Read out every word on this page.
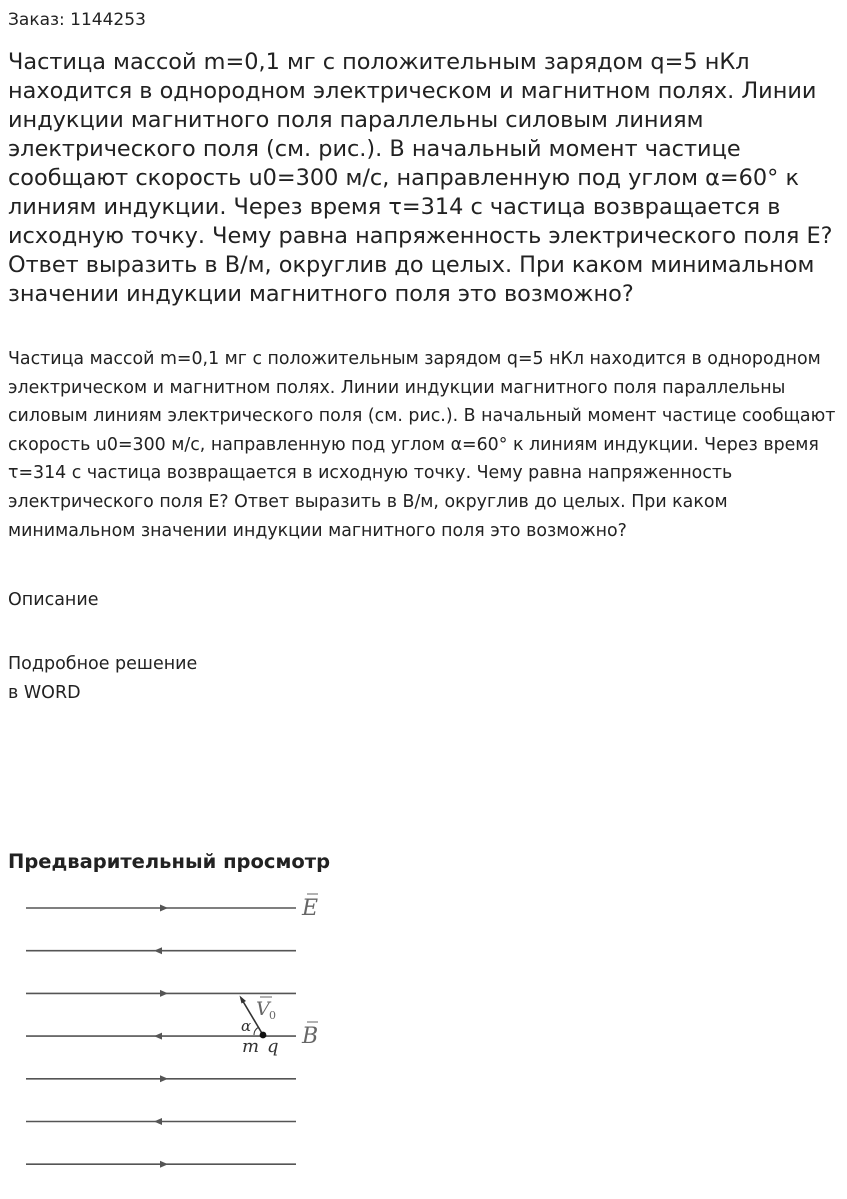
Заказ: 1144253
Частица массой m=0,1 мг с положительным зарядом q=5 нКл находится в однородном электрическом и магнитном полях. Линии индукции магнитного поля параллельны силовым линиям электрического поля (см. рис.). В начальный момент частице сообщают скорость u0=300 м/с, направленную под углом α=60° к линиям индукции. Через время τ=314 с частица возвращается в исходную точку. Чему равна напряженность электрического поля E? Ответ выразить в В/м, округлив до целых. При каком минимальном значении индукции магнитного поля это возможно?

Частица массой m=0,1 мг с положительным зарядом q=5 нКл находится в однородном электрическом и магнитном полях. Линии индукции магнитного поля параллельны силовым линиям электрического поля (см. рис.). В начальный момент частице сообщают скорость u0=300 м/с, направленную под углом α=60° к линиям индукции. Через время τ=314 с частица возвращается в исходную точку. Чему равна напряженность электрического поля E? Ответ выразить в В/м, округлив до целых. При каком минимальном значении индукции магнитного поля это возможно?

Описание
Подробное решение
в WORD
Предварительный просмотр
E
B
V 0
α
m q
